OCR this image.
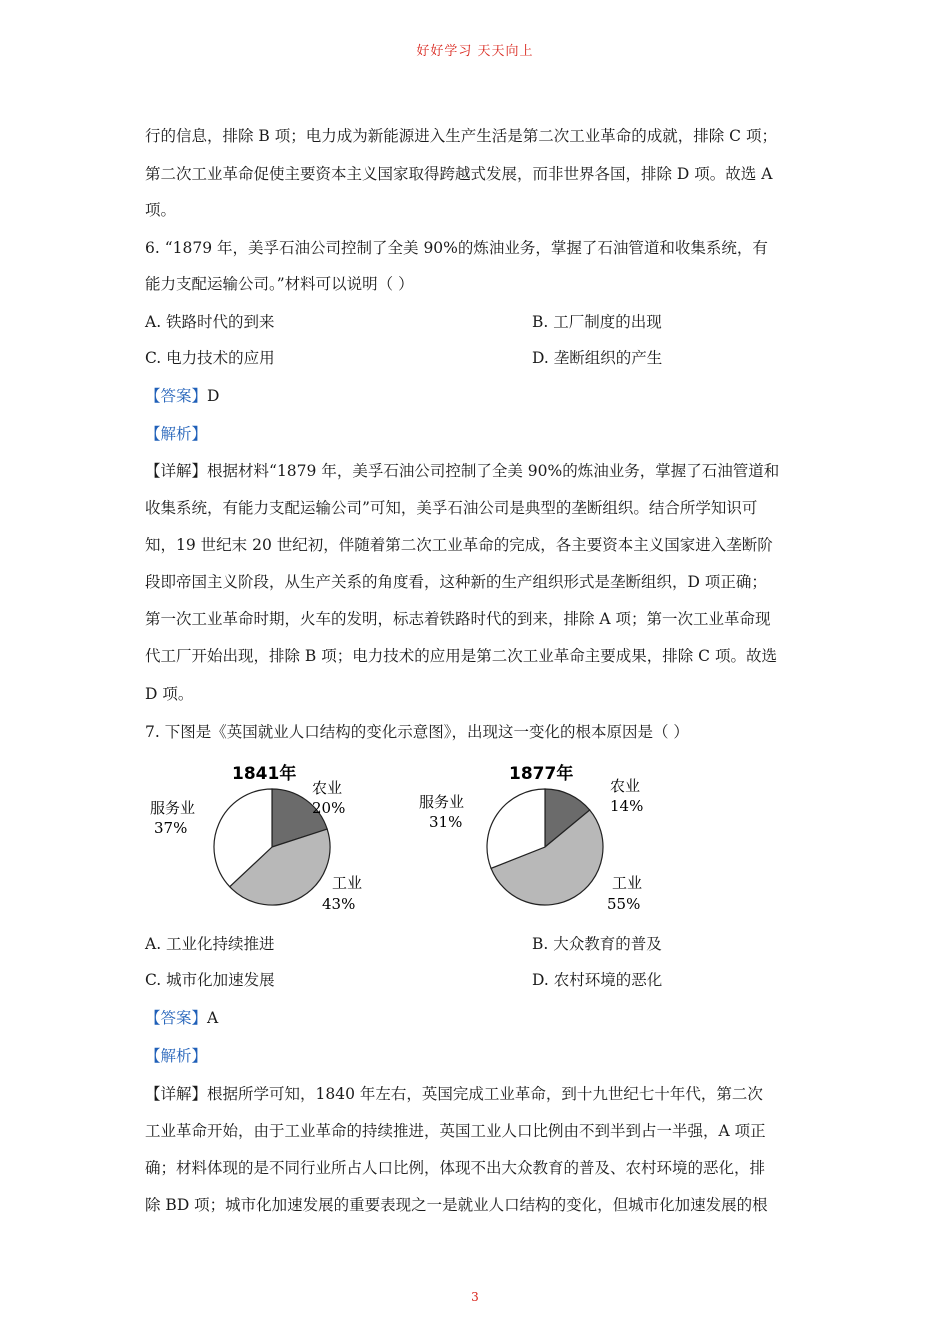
好好学习 天天向上
行的信息，排除 B 项；电力成为新能源进入生产生活是第二次工业革命的成就，排除 C 项；
第二次工业革命促使主要资本主义国家取得跨越式发展，而非世界各国，排除 D 项。故选 A
项。
6. “1879 年，美孚石油公司控制了全美 90%的炼油业务，掌握了石油管道和收集系统，有
能力支配运输公司。”材料可以说明（ ）
A. 铁路时代的到来	B. 工厂制度的出现
C. 电力技术的应用	D. 垄断组织的产生
【答案】D
【解析】
【详解】根据材料“1879 年，美孚石油公司控制了全美 90%的炼油业务，掌握了石油管道和
收集系统，有能力支配运输公司”可知，美孚石油公司是典型的垄断组织。结合所学知识可
知，19 世纪末 20 世纪初，伴随着第二次工业革命的完成，各主要资本主义国家进入垄断阶
段即帝国主义阶段，从生产关系的角度看，这种新的生产组织形式是垄断组织，D 项正确；
第一次工业革命时期，火车的发明，标志着铁路时代的到来，排除 A 项；第一次工业革命现
代工厂开始出现，排除 B 项；电力技术的应用是第二次工业革命主要成果，排除 C 项。故选
D 项。
7. 下图是《英国就业人口结构的变化示意图》，出现这一变化的根本原因是（ ）
1841年
农业
20%
服务业
37%
工业
43%
1877年
农业
14%
服务业
31%
工业
55%
A. 工业化持续推进	B. 大众教育的普及
C. 城市化加速发展	D. 农村环境的恶化
【答案】A
【解析】
【详解】根据所学可知，1840 年左右，英国完成工业革命，到十九世纪七十年代，第二次
工业革命开始，由于工业革命的持续推进，英国工业人口比例由不到半到占一半强，A 项正
确；材料体现的是不同行业所占人口比例，体现不出大众教育的普及、农村环境的恶化，排
除 BD 项；城市化加速发展的重要表现之一是就业人口结构的变化，但城市化加速发展的根
3
